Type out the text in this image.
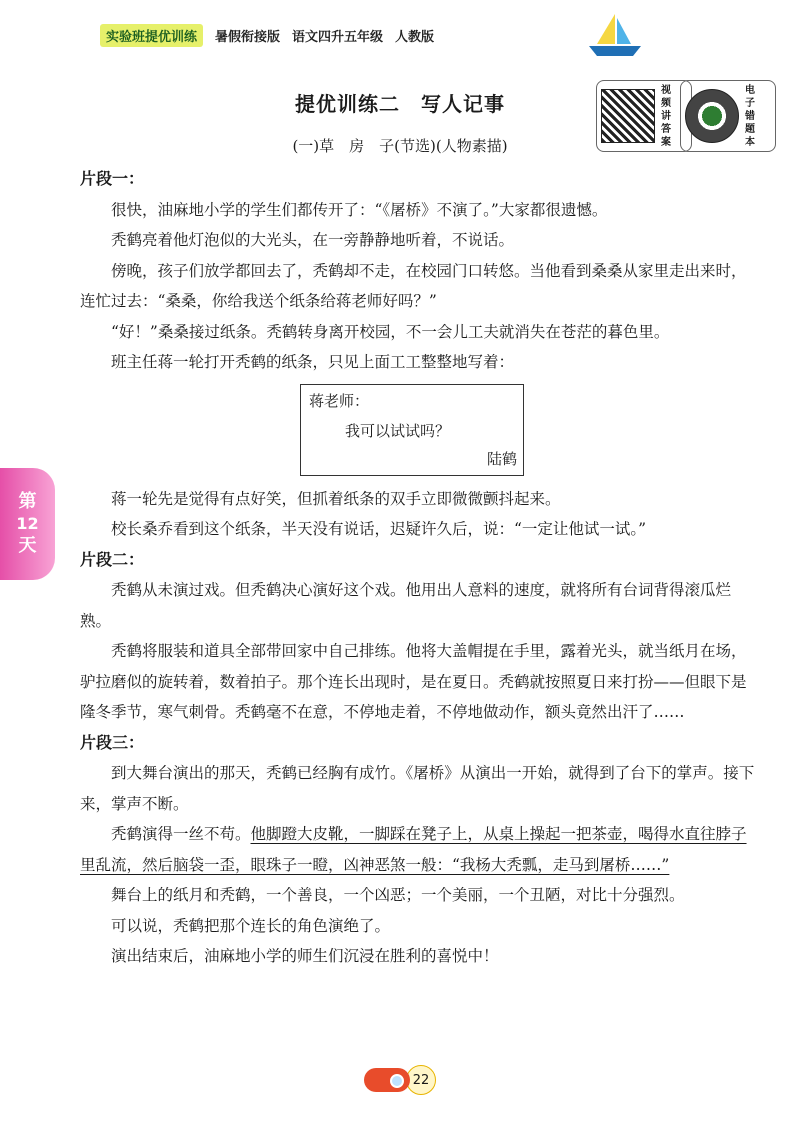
实验班提优训练	暑假衔接版 语文四升五年级 人教版
提优训练二　写人记事
(一)草　房　子(节选)(人物素描)
视
频
讲
答
案
电
子
错
题
本
第
12
天
片段一：

很快，油麻地小学的学生们都传开了：“《屠桥》不演了。”大家都很遗憾。

秃鹤亮着他灯泡似的大光头，在一旁静静地听着，不说话。

傍晚，孩子们放学都回去了，秃鹤却不走，在校园门口转悠。当他看到桑桑从家里走出来时，连忙过去：“桑桑，你给我送个纸条给蒋老师好吗？”

“好！”桑桑接过纸条。秃鹤转身离开校园，不一会儿工夫就消失在苍茫的暮色里。

班主任蒋一轮打开秃鹤的纸条，只见上面工工整整地写着：

蒋老师：
我可以试试吗？
陆鹤

蒋一轮先是觉得有点好笑，但抓着纸条的双手立即微微颤抖起来。

校长桑乔看到这个纸条，半天没有说话，迟疑许久后，说：“一定让他试一试。”

片段二：

秃鹤从未演过戏。但秃鹤决心演好这个戏。他用出人意料的速度，就将所有台词背得滚瓜烂熟。

秃鹤将服装和道具全部带回家中自己排练。他将大盖帽提在手里，露着光头，就当纸月在场，驴拉磨似的旋转着，数着拍子。那个连长出现时，是在夏日。秃鹤就按照夏日来打扮——但眼下是隆冬季节，寒气刺骨。秃鹤毫不在意，不停地走着，不停地做动作，额头竟然出汗了……

片段三：

到大舞台演出的那天，秃鹤已经胸有成竹。《屠桥》从演出一开始，就得到了台下的掌声。接下来，掌声不断。

秃鹤演得一丝不苟。他脚蹬大皮靴，一脚踩在凳子上，从桌上操起一把茶壶，喝得水直往脖子里乱流，然后脑袋一歪，眼珠子一瞪，凶神恶煞一般：“我杨大秃瓢，走马到屠桥……”

舞台上的纸月和秃鹤，一个善良，一个凶恶；一个美丽，一个丑陋，对比十分强烈。

可以说，秃鹤把那个连长的角色演绝了。

演出结束后，油麻地小学的师生们沉浸在胜利的喜悦中！

22
